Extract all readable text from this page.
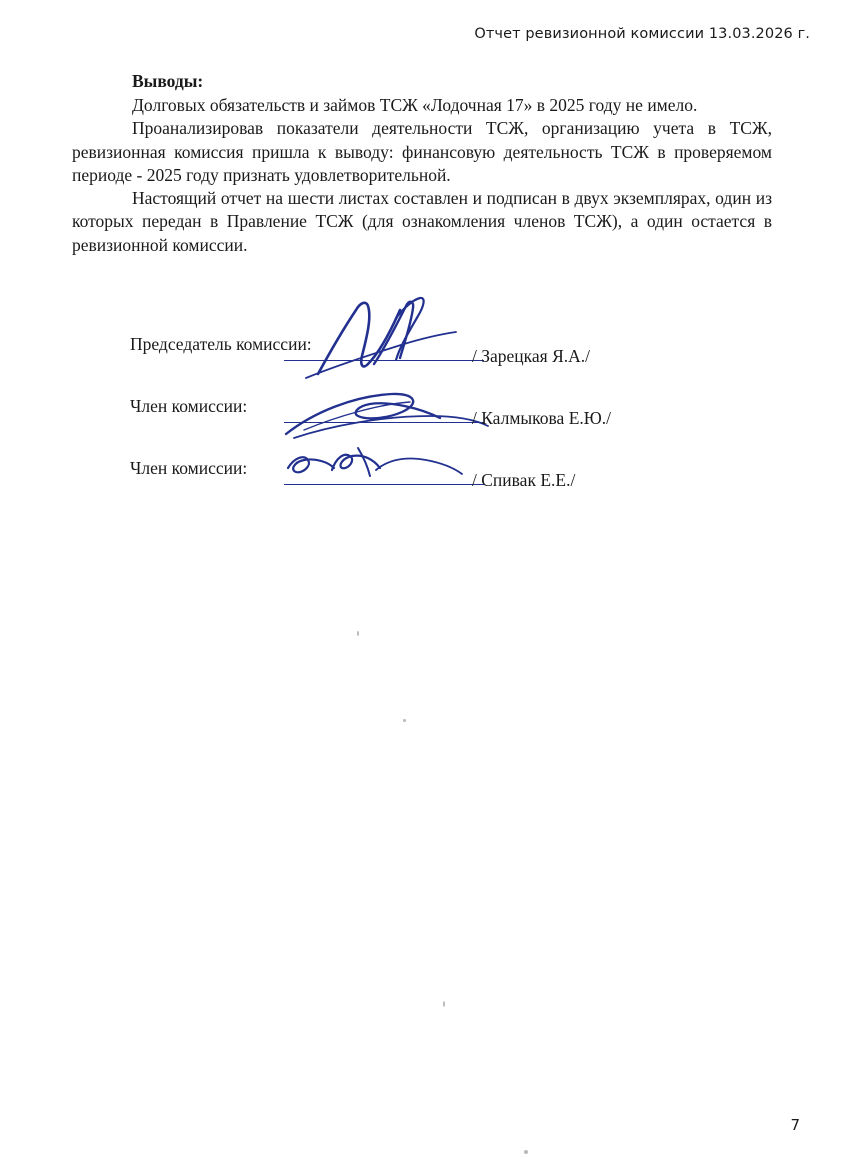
Отчет ревизионной комиссии 13.03.2026 г.
Выводы:

Долговых обязательств и займов ТСЖ «Лодочная 17» в 2025 году не имело.

Проанализировав показатели деятельности ТСЖ, организацию учета в ТСЖ, ревизионная комиссия пришла к выводу: финансовую деятельность ТСЖ в проверяемом периоде - 2025 году признать удовлетворительной.

Настоящий отчет на шести листах составлен и подписан в двух экземплярах, один из которых передан в Правление ТСЖ (для ознакомления членов ТСЖ), а один остается в ревизионной комиссии.

Председатель комиссии:
/ Зарецкая Я.А./
Член комиссии:
/ Калмыкова Е.Ю./
Член комиссии:
/ Спивак Е.Е./
7
